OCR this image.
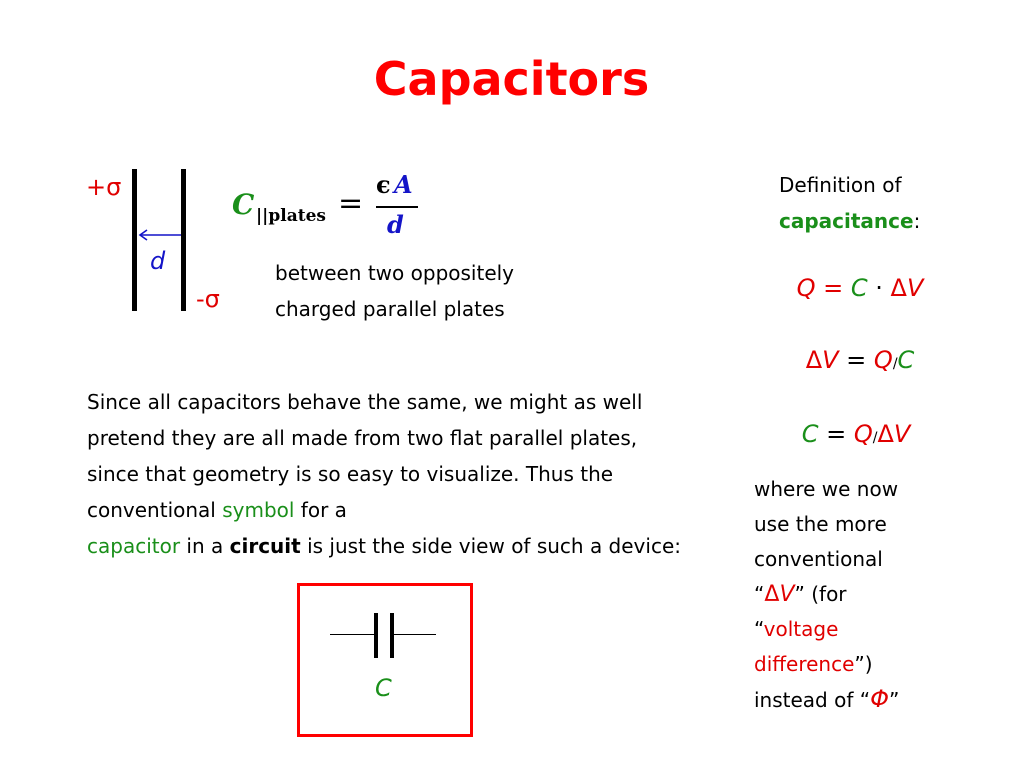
Capacitors
+σ
-σ
d
C ||plates =
ϵ A
d
between two oppositely
charged parallel plates
Since all capacitors behave the same, we might as well pretend they are all made from two flat parallel plates, since that geometry is so easy to visualize. Thus the conventional symbol for a
capacitor in a circuit is just the side view of such a device:
C
Definition of
capacitance:
Q = C · ΔV
ΔV = Q/C
C = Q/ΔV
where we now
use the more
conventional
“ΔV” (for
“voltage
difference”)
instead of “Φ”
